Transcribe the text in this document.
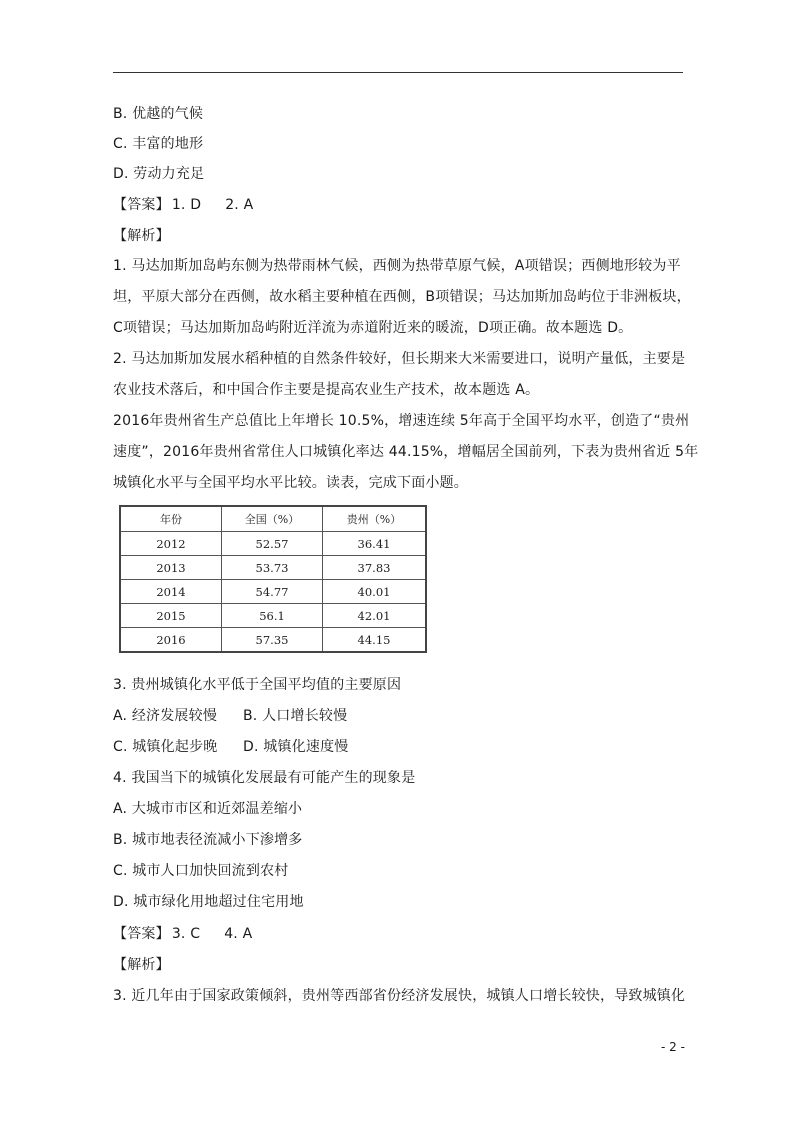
B. 优越的气候
C. 丰富的地形
D. 劳动力充足
【答案】 1. D 2. A
【解析】
1. 马达加斯加岛屿东侧为热带雨林气候，西侧为热带草原气候，A项错误；西侧地形较为平
坦，平原大部分在西侧，故水稻主要种植在西侧，B项错误；马达加斯加岛屿位于非洲板块，
C项错误；马达加斯加岛屿附近洋流为赤道附近来的暖流，D项正确。故本题选 D。
2. 马达加斯加发展水稻种植的自然条件较好，但长期来大米需要进口，说明产量低，主要是
农业技术落后，和中国合作主要是提高农业生产技术，故本题选 A。
2016年贵州省生产总值比上年增长 10.5%，增速连续 5年高于全国平均水平，创造了“贵州
速度”，2016年贵州省常住人口城镇化率达 44.15%，增幅居全国前列，下表为贵州省近 5年
城镇化水平与全国平均水平比较。读表，完成下面小题。
年份	全国（%）	贵州（%）
2012	52.57	36.41
2013	53.73	37.83
2014	54.77	40.01
2015	56.1	42.01
2016	57.35	44.15
3. 贵州城镇化水平低于全国平均值的主要原因
A. 经济发展较慢 B. 人口增长较慢
C. 城镇化起步晚 D. 城镇化速度慢
4. 我国当下的城镇化发展最有可能产生的现象是
A. 大城市市区和近郊温差缩小
B. 城市地表径流减小下渗增多
C. 城市人口加快回流到农村
D. 城市绿化用地超过住宅用地
【答案】 3. C 4. A
【解析】
3. 近几年由于国家政策倾斜，贵州等西部省份经济发展快，城镇人口增长较快，导致城镇化
- 2 -
